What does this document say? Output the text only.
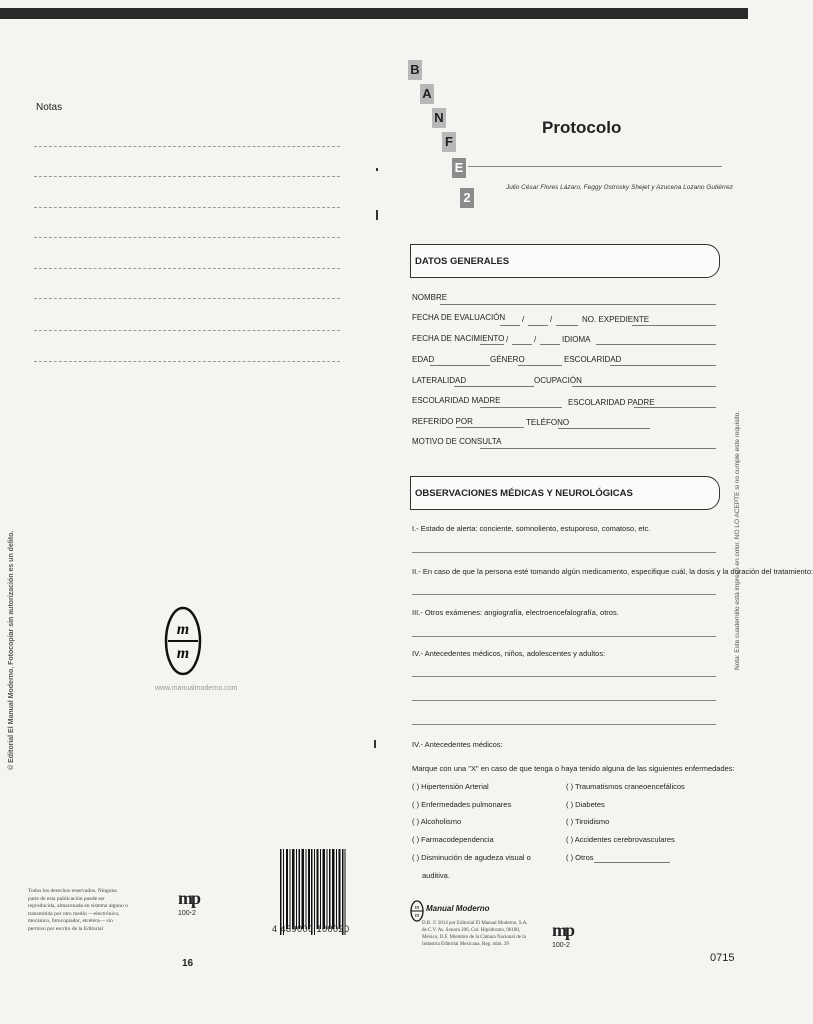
Notas
© Editorial El Manual Moderno. Fotocopiar sin autorización es un delito.	m
m
www.manualmoderno.com
Todos los derechos reservados. Ninguna parte de esta publicación puede ser reproducida, almacenada en sistema alguno o transmitida por otro medio —electrónico, mecánico, fotocopiador, etcétera— sin permiso por escrito de la Editorial
mp
100-2
16
4 489000 100020
B
A
N
F
E
2
Protocolo
Julio César Flores Lázaro, Feggy Ostrosky Shejet y Azucena Lozano Gutiérrez
DATOS GENERALES
NOMBRE
FECHA DE EVALUACIÓN /	/	NO. EXPEDIENTE
FECHA DE NACIMIENTO /	/	IDIOMA
EDAD	GÉNERO	ESCOLARIDAD
LATERALIDAD	OCUPACIÓN
ESCOLARIDAD MADRE	ESCOLARIDAD PADRE
REFERIDO POR	TELÉFONO
MOTIVO DE CONSULTA
OBSERVACIONES MÉDICAS Y NEUROLÓGICAS
I.- Estado de alerta: conciente, somnoliento, estuporoso, comatoso, etc.
II.- En caso de que la persona esté tomando algún medicamento, especifique cuál, la dosis y la duración del tratamiento:
III.- Otros exámenes: angiografía, electroencefalografía, otros.
IV.- Antecedentes médicos, niños, adolescentes y adultos:
IV.- Antecedentes médicos:
Marque con una "X" en caso de que tenga o haya tenido alguna de las siguientes enfermedades:
( ) Hipertensión Arterial
( ) Enfermedades pulmonares
( ) Alcoholismo
( ) Farmacodependencia
( ) Disminución de agudeza visual o
auditiva.
( ) Traumatismos craneoencefálicos
( ) Diabetes
( ) Tiroidismo
( ) Accidentes cerebrovasculares
( ) Otros
Nota: Este cuadernillo está impreso en color. NO LO ACEPTE si no cumple este requisito.
m
m
Manual Moderno
D.R. © 2014 por Editorial El Manual Moderno, S.A. de C.V. Av. Sonora 206, Col. Hipódromo, 06100, México, D.F. Miembro de la Cámara Nacional de la Industria Editorial Mexicana, Reg. núm. 39
mp
100-2
0715
